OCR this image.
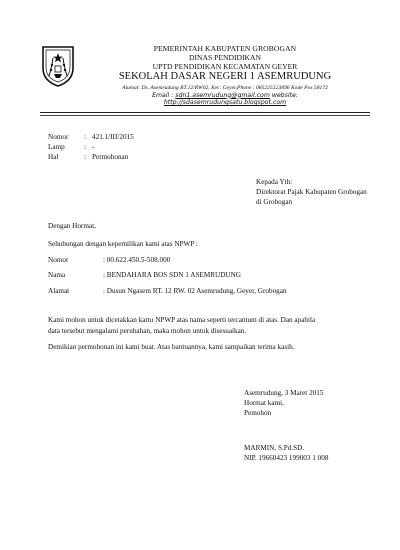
PEMERINTAH KABUPATEN GROBOGAN
DINAS PENDIDIKAN
UPTD PENDIDIKAN KECAMATAN GEYER
SEKOLAH DASAR NEGERI 1 ASEMRUDUNG
Alamat: Ds. Asemrudung RT.12/RW02, Kec. Geyer,Phone : 085225123896 Kode Pos 58172
Email : sdn1.asemrudung@gmail.com website:
http://sdasemrudungsatu.blogspot.com
Nomor : 421.1/III/2015
Lamp	: -
Hal	: Permohonan
Kepada Yth:
Direktorat Pajak Kabupaten Grobogan
di Grobogan
Dengan Hormat,
Sehubungan dengan kepemilikan kami atas NPWP :
Nomor	: 00.622.450.5-508.000
Nama	: BENDAHARA BOS SDN 1 ASEMRUDUNG
Alamat	: Dusun Ngasem RT. 12 RW. 02 Asemrudung, Geyer, Grobogan
Kami mohon untuk dicetakkan kartu NPWP atas nama seperti tercantum di atas. Dan apabila
data tersebut mengalami perubahan, maka mohon untuk disesuaikan.
Demikian permohonan ini kami buat. Atas bantuannya, kami sampaikan terima kasih.
Asemrudung, 3 Maret 2015
Hormat kami,
Pemohon
MARMIN, S.Pd.SD.
NIP. 19660423 199003 1 008
